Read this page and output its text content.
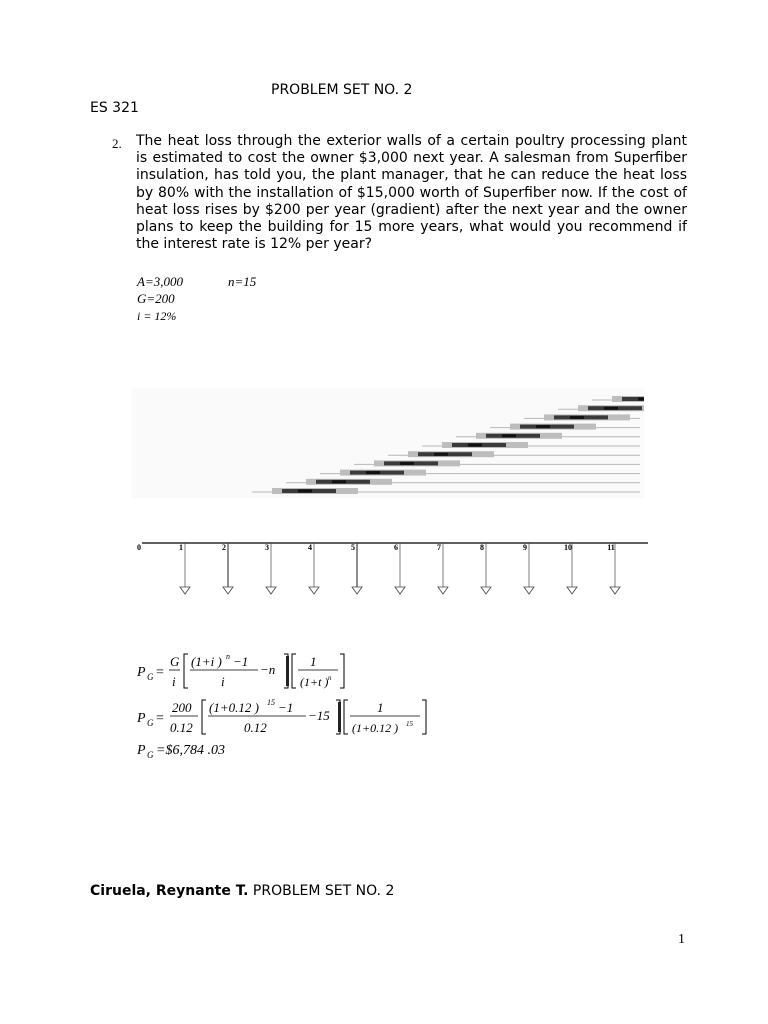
PROBLEM SET NO. 2
ES 321
2. The heat loss through the exterior walls of a certain poultry processing plant is estimated to cost the owner $3,000 next year. A salesman from Superfiber insulation, has told you, the plant manager, that he can reduce the heat loss by 80% with the installation of $15,000 worth of Superfiber now. If the cost of heat loss rises by $200 per year (gradient) after the next year and the owner plans to keep the building for 15 more years, what would you recommend if the interest rate is 12% per year?
A=3,000	n=15
G=200
i = 12%
0	1	2	3	4	5	6	7	8	9	10	11
P G =
G
i
(1+i ) n −1
i
−n
1
(1+t ) n
P G =
200
0.12
(1+0.12 ) 15 −1
0.12
−15
1
(1+0.12 ) 15
P G =$6,784 .03
Ciruela, Reynante T. PROBLEM SET NO. 2
1
